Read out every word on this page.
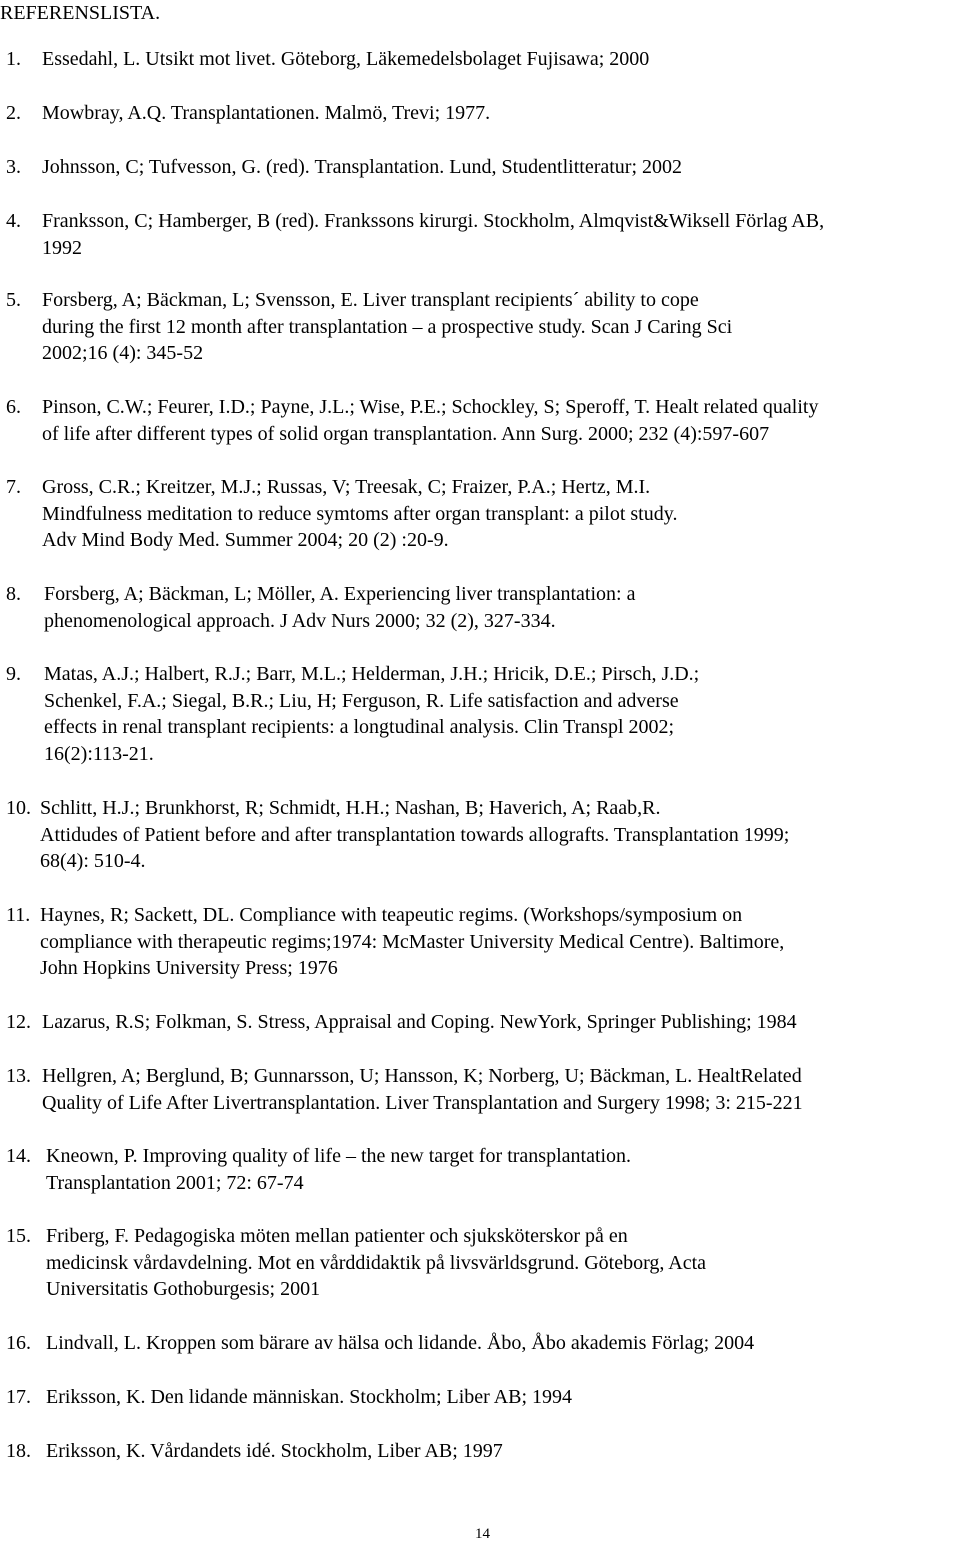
REFERENSLISTA.
1. Essedahl, L. Utsikt mot livet. Göteborg, Läkemedelsbolaget Fujisawa; 2000
2. Mowbray, A.Q. Transplantationen. Malmö, Trevi; 1977.
3. Johnsson, C; Tufvesson, G. (red). Transplantation. Lund, Studentlitteratur; 2002
4. Franksson, C; Hamberger, B (red). Frankssons kirurgi. Stockholm, Almqvist&Wiksell Förlag AB,
1992
5. Forsberg, A; Bäckman, L; Svensson, E. Liver transplant recipients´ ability to cope
during the first 12 month after transplantation – a prospective study. Scan J Caring Sci
2002;16 (4): 345-52
6. Pinson, C.W.; Feurer, I.D.; Payne, J.L.; Wise, P.E.; Schockley, S; Speroff, T. Healt related quality
of life after different types of solid organ transplantation. Ann Surg. 2000; 232 (4):597-607
7. Gross, C.R.; Kreitzer, M.J.; Russas, V; Treesak, C; Fraizer, P.A.; Hertz, M.I.
Mindfulness meditation to reduce symtoms after organ transplant: a pilot study.
Adv Mind Body Med. Summer 2004; 20 (2) :20-9.
8. Forsberg, A; Bäckman, L; Möller, A. Experiencing liver transplantation: a
phenomenological approach. J Adv Nurs 2000; 32 (2), 327-334.
9. Matas, A.J.; Halbert, R.J.; Barr, M.L.; Helderman, J.H.; Hricik, D.E.; Pirsch, J.D.;
Schenkel, F.A.; Siegal, B.R.; Liu, H; Ferguson, R. Life satisfaction and adverse
effects in renal transplant recipients: a longtudinal analysis. Clin Transpl 2002;
16(2):113-21.
10. Schlitt, H.J.; Brunkhorst, R; Schmidt, H.H.; Nashan, B; Haverich, A; Raab,R.
Attidudes of Patient before and after transplantation towards allografts. Transplantation 1999;
68(4): 510-4.
11. Haynes, R; Sackett, DL. Compliance with teapeutic regims. (Workshops/symposium on
compliance with therapeutic regims;1974: McMaster University Medical Centre). Baltimore,
John Hopkins University Press; 1976
12. Lazarus, R.S; Folkman, S. Stress, Appraisal and Coping. NewYork, Springer Publishing; 1984
13. Hellgren, A; Berglund, B; Gunnarsson, U; Hansson, K; Norberg, U; Bäckman, L. HealtRelated
Quality of Life After Livertransplantation. Liver Transplantation and Surgery 1998; 3: 215-221
14. Kneown, P. Improving quality of life – the new target for transplantation.
Transplantation 2001; 72: 67-74
15. Friberg, F. Pedagogiska möten mellan patienter och sjuksköterskor på en
medicinsk vårdavdelning. Mot en vårddidaktik på livsvärldsgrund. Göteborg, Acta
Universitatis Gothoburgesis; 2001
16. Lindvall, L. Kroppen som bärare av hälsa och lidande. Åbo, Åbo akademis Förlag; 2004
17. Eriksson, K. Den lidande människan. Stockholm; Liber AB; 1994
18. Eriksson, K. Vårdandets idé. Stockholm, Liber AB; 1997
14
